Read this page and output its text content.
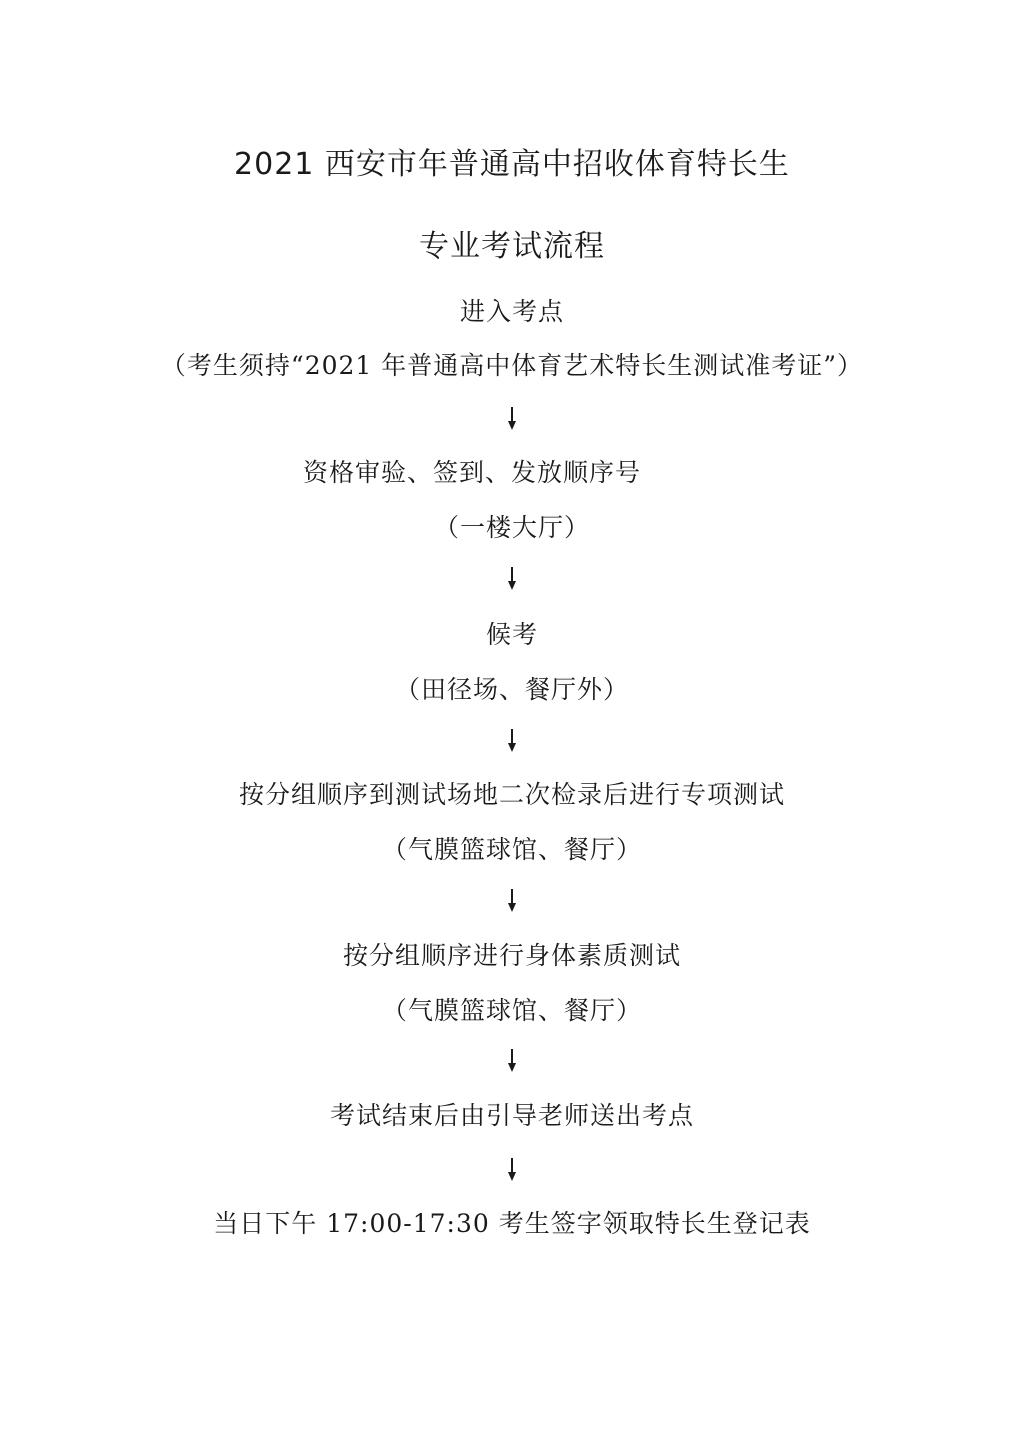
2021 西安市年普通高中招收体育特长生
专业考试流程
进入考点
（考生须持“2021 年普通高中体育艺术特长生测试准考证”）
资格审验、签到、发放顺序号
（一楼大厅）
候考
（田径场、餐厅外）
按分组顺序到测试场地二次检录后进行专项测试
（气膜篮球馆、餐厅）
按分组顺序进行身体素质测试
（气膜篮球馆、餐厅）
考试结束后由引导老师送出考点
当日下午 17:00-17:30 考生签字领取特长生登记表
